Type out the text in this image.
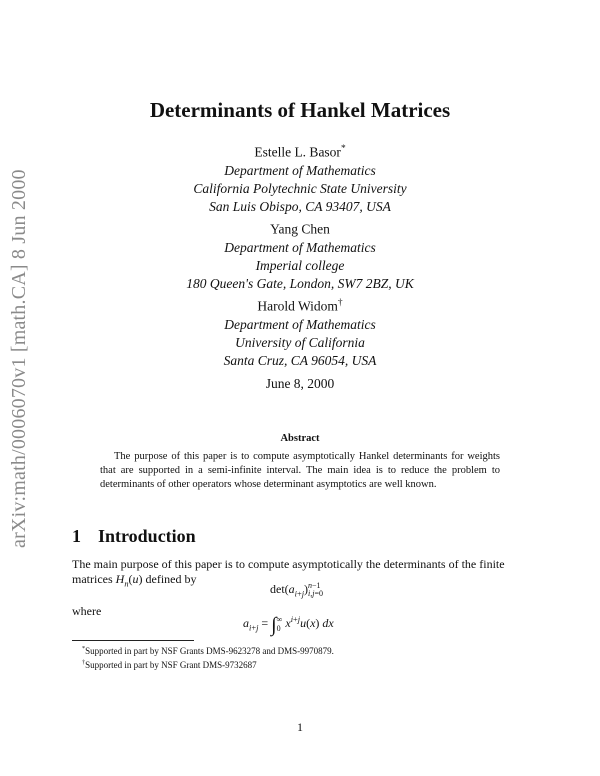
arXiv:math/0006070v1 [math.CA] 8 Jun 2000
Determinants of Hankel Matrices
Estelle L. Basor*
Department of Mathematics
California Polytechnic State University
San Luis Obispo, CA 93407, USA
Yang Chen
Department of Mathematics
Imperial college
180 Queen's Gate, London, SW7 2BZ, UK
Harold Widom†
Department of Mathematics
University of California
Santa Cruz, CA 96054, USA
June 8, 2000
Abstract
The purpose of this paper is to compute asymptotically Hankel determinants for weights that are supported in a semi-infinite interval. The main idea is to reduce the problem to determinants of other operators whose determinant asymptotics are well known.
1 Introduction
The main purpose of this paper is to compute asymptotically the determinants of the finite matrices $H_n(u)$ defined by
$\det(a_{i+j})n-1$
i,j=0
where
$a_{i+j}$ = ∫∞
0 $x^{i+j}u(x)$ dx
*Supported in part by NSF Grants DMS-9623278 and DMS-9970879.
†Supported in part by NSF Grant DMS-9732687
1
